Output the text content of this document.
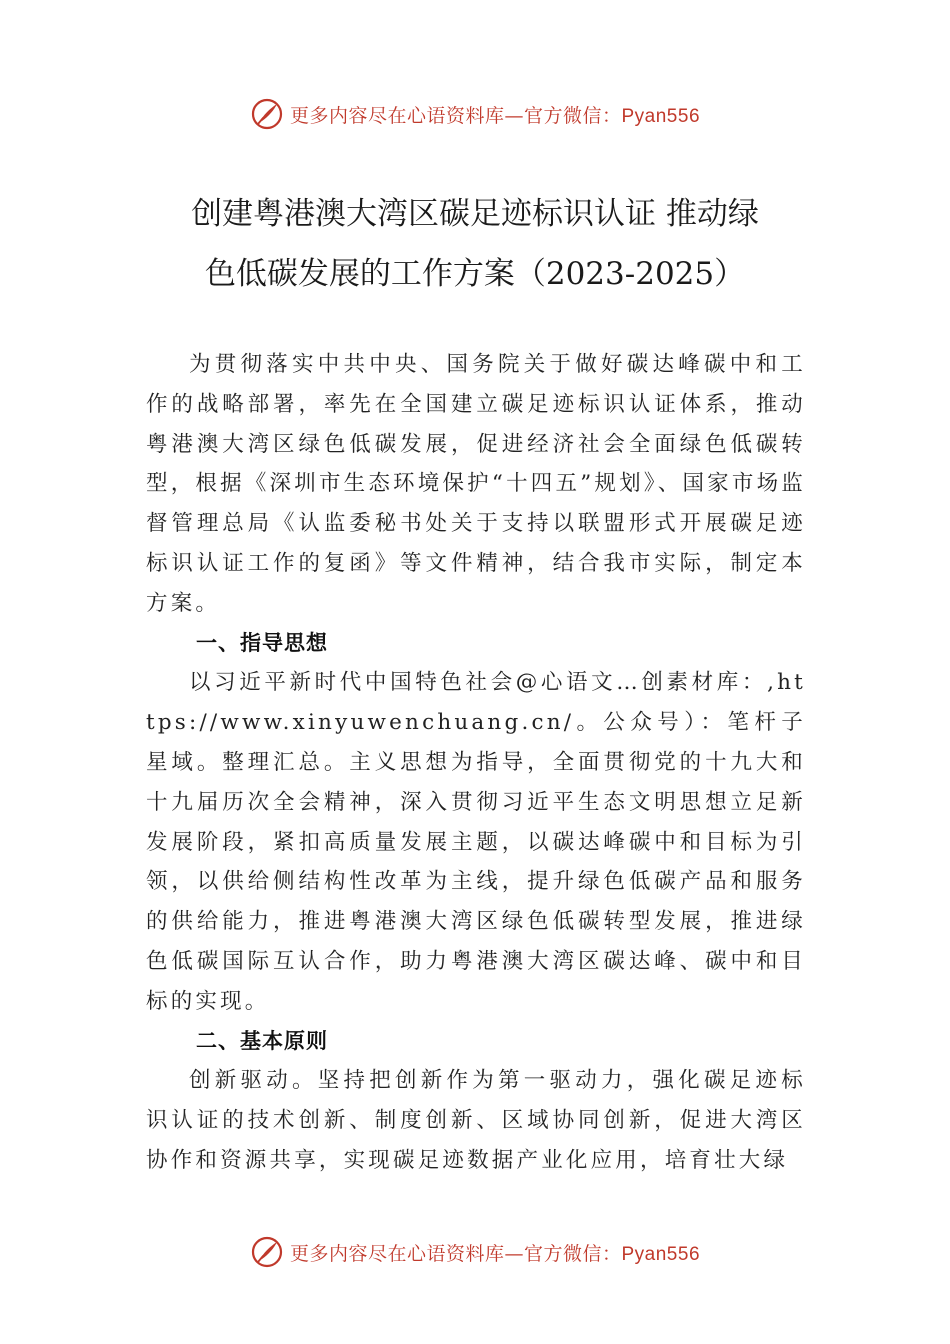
更多内容尽在心语资料库—官方微信：Pyan556
创建粤港澳大湾区碳足迹标识认证 推动绿
色低碳发展的工作方案（2023-2025）

为贯彻落实中共中央、国务院关于做好碳达峰碳中和工作的战略部署，率先在全国建立碳足迹标识认证体系，推动粤港澳大湾区绿色低碳发展，促进经济社会全面绿色低碳转型，根据《深圳市生态环境保护“十四五”规划》、国家市场监督管理总局《认监委秘书处关于支持以联盟形式开展碳足迹标识认证工作的复函》等文件精神，结合我市实际，制定本方案。

一、指导思想

以习近平新时代中国特色社会@心语文…创素材库：,https://www.xinyuwenchuang.cn/。公众号）：笔杆子星域。整理汇总。主义思想为指导，全面贯彻党的十九大和十九届历次全会精神，深入贯彻习近平生态文明思想立足新发展阶段，紧扣高质量发展主题，以碳达峰碳中和目标为引领，以供给侧结构性改革为主线，提升绿色低碳产品和服务的供给能力，推进粤港澳大湾区绿色低碳转型发展，推进绿色低碳国际互认合作，助力粤港澳大湾区碳达峰、碳中和目标的实现。

二、基本原则

创新驱动。坚持把创新作为第一驱动力，强化碳足迹标识认证的技术创新、制度创新、区域协同创新，促进大湾区协作和资源共享，实现碳足迹数据产业化应用，培育壮大绿

更多内容尽在心语资料库—官方微信：Pyan556
